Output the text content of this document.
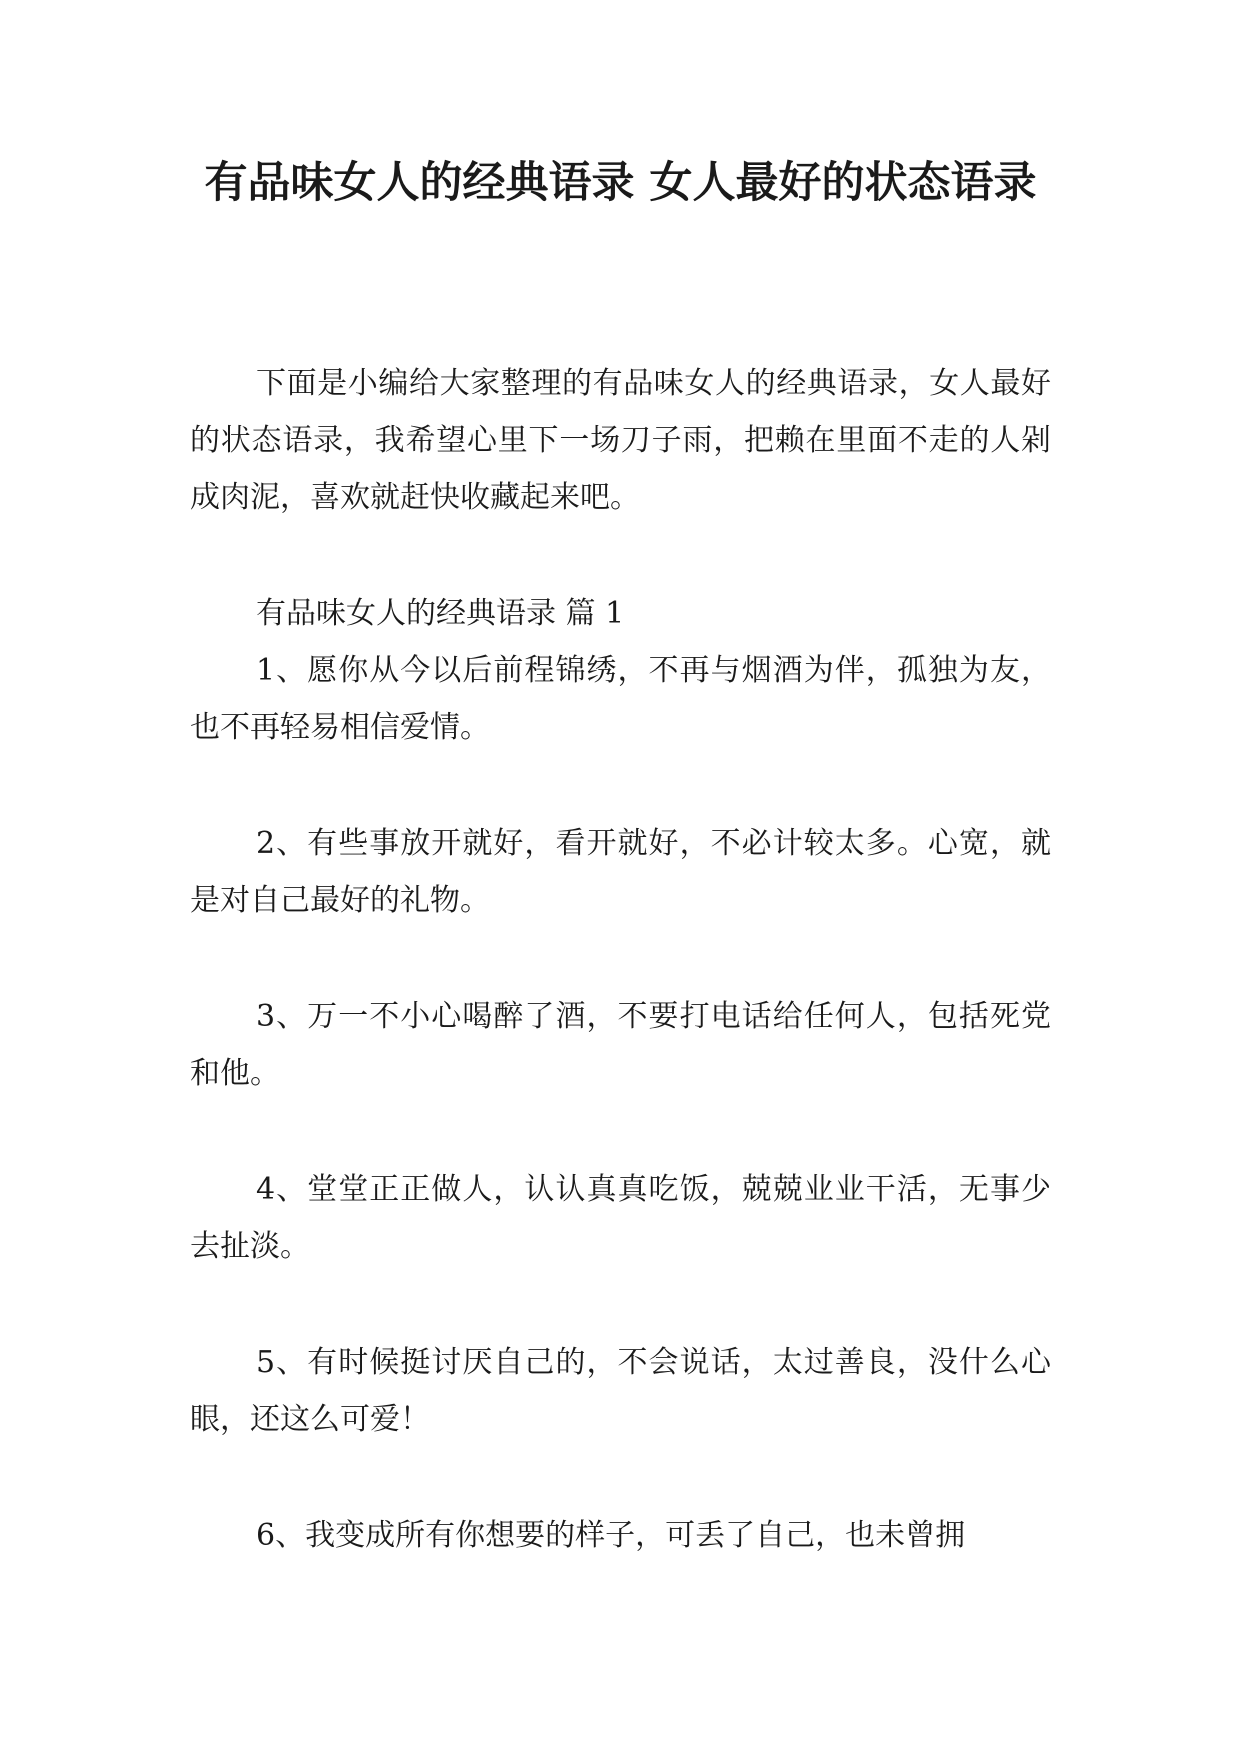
有品味女人的经典语录 女人最好的状态语录

下面是小编给大家整理的有品味女人的经典语录，女人最好的状态语录，我希望心里下一场刀子雨，把赖在里面不走的人剁成肉泥，喜欢就赶快收藏起来吧。

有品味女人的经典语录 篇 1

1、愿你从今以后前程锦绣，不再与烟酒为伴，孤独为友，也不再轻易相信爱情。

2、有些事放开就好，看开就好，不必计较太多。心宽，就是对自己最好的礼物。

3、万一不小心喝醉了酒，不要打电话给任何人，包括死党和他。

4、堂堂正正做人，认认真真吃饭，兢兢业业干活，无事少去扯淡。

5、有时候挺讨厌自己的，不会说话，太过善良，没什么心眼，还这么可爱！

6、我变成所有你想要的样子，可丢了自己，也未曾拥
